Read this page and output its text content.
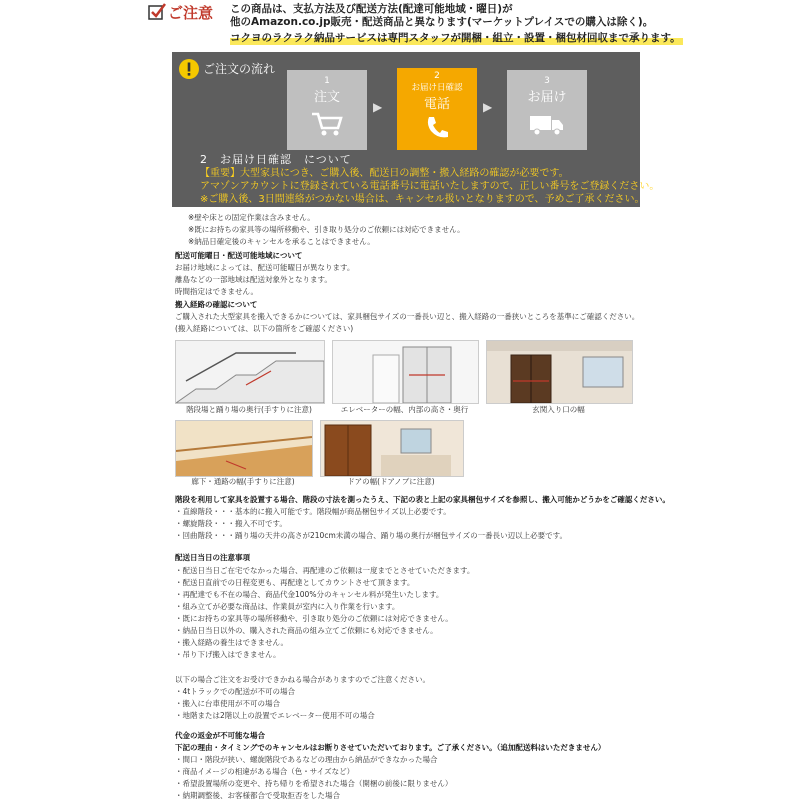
ご注意 この商品は、支払方法及び配送方法(配達可能地域・曜日)が
他のAmazon.co.jp販売・配送商品と異なります(マーケットプレイスでの購入は除く)。
コクヨのラクラク納品サービスは専門スタッフが開梱・組立・設置・梱包材回収まで承ります。
ご注文の流れ
1
注文
▶
2
お届け日確認
電話	▶
3
お届け
2　お届け日確認　について
【重要】大型家具につき、ご購入後、配送日の調整・搬入経路の確認が必要です。
アマゾンアカウントに登録されている電話番号に電話いたしますので、正しい番号をご登録ください。
※ご購入後、3日間連絡がつかない場合は、キャンセル扱いとなりますので、予めご了承ください。
※壁や床との固定作業は含みません。
※既にお持ちの家具等の場所移動や、引き取り処分のご依頼には対応できません。
※納品日確定後のキャンセルを承ることはできません。
配送可能曜日・配送可能地域について
お届け地域によっては、配送可能曜日が異なります。
離島などの一部地域は配送対象外となります。
時間指定はできません。
搬入経路の確認について
ご購入された大型家具を搬入できるかについては、家具梱包サイズの一番長い辺と、搬入経路の一番狭いところを基準にご確認ください。
(搬入経路については、以下の箇所をご確認ください)
階段場と踊り場の奥行(手すりに注意)	エレベーターの幅、内部の高さ・奥行	玄関入り口の幅
廊下・通路の幅(手すりに注意)	ドアの幅(ドアノブに注意)
階段を利用して家具を設置する場合、階段の寸法を測ったうえ、下記の表と上記の家具梱包サイズを参照し、搬入可能かどうかをご確認ください。
・直線階段・・・基本的に搬入可能です。階段幅が商品梱包サイズ以上必要です。
・螺旋階段・・・搬入不可です。
・回曲階段・・・踊り場の天井の高さが210cm未満の場合、踊り場の奥行が梱包サイズの一番長い辺以上必要です。
配送日当日の注意事項
・配送日当日ご在宅でなかった場合、再配達のご依頼は一度までとさせていただきます。
・配送日直前での日程変更も、再配達としてカウントさせて頂きます。
・再配達でも不在の場合、商品代金100%分のキャンセル料が発生いたします。
・組み立てが必要な商品は、作業員が室内に入り作業を行います。
・既にお持ちの家具等の場所移動や、引き取り処分のご依頼には対応できません。
・納品日当日以外の、購入された商品の組み立てご依頼にも対応できません。
・搬入経路の養生はできません。
・吊り下げ搬入はできません。
以下の場合ご注文をお受けできかねる場合がありますのでご注意ください。
・4tトラックでの配送が不可の場合
・搬入に台車使用が不可の場合
・地階または2階以上の設置でエレベーター使用不可の場合
代金の返金が不可能な場合
下記の理由・タイミングでのキャンセルはお断りさせていただいております。ご了承ください。（追加配送料はいただきません）
・間口・階段が狭い、螺旋階段であるなどの理由から納品ができなかった場合
・商品イメージの相違がある場合（色・サイズなど）
・希望設置場所の変更や、持ち帰りを希望された場合（開梱の前後に限りません）
・納期調整後、お客様都合で受取拒否をした場合
